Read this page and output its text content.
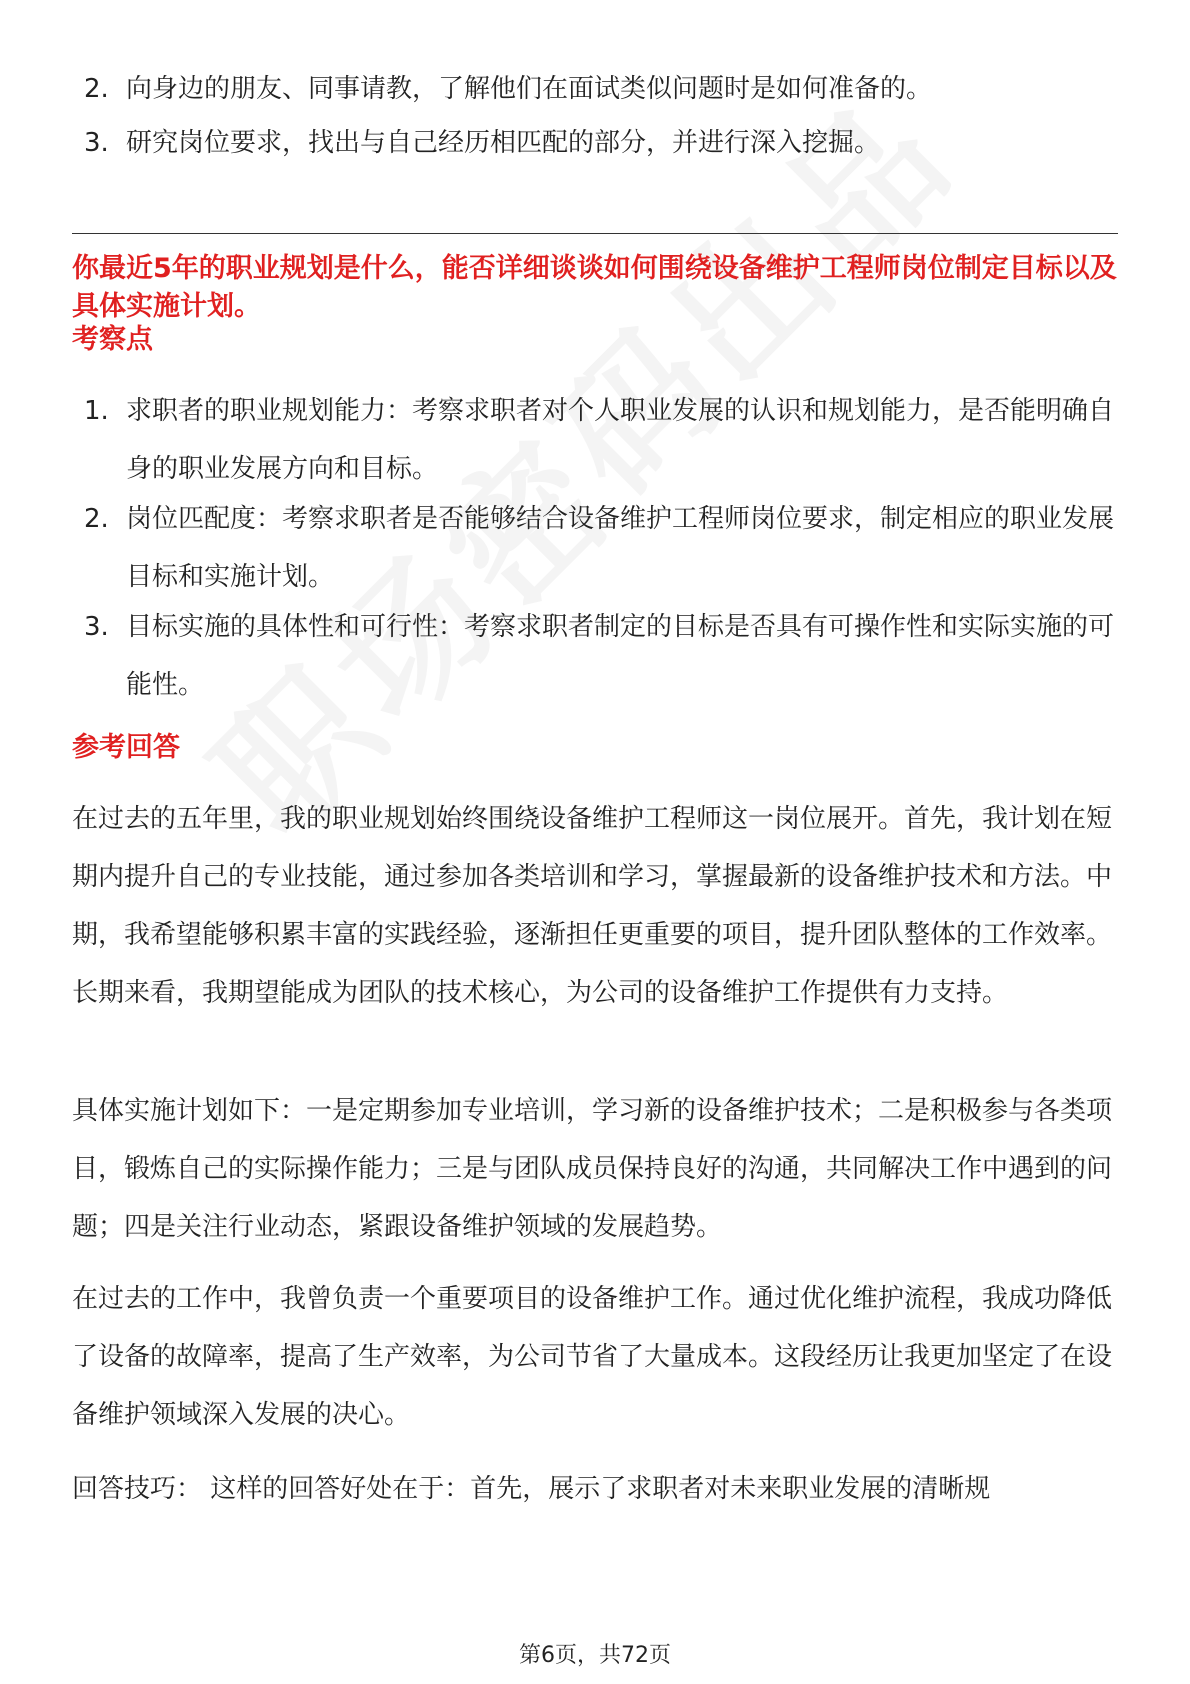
2. 向身边的朋友、同事请教，了解他们在面试类似问题时是如何准备的。
3. 研究岗位要求，找出与自己经历相匹配的部分，并进行深入挖掘。
你最近5年的职业规划是什么，能否详细谈谈如何围绕设备维护工程师岗位制定目标以及具体实施计划。
考察点
1. 求职者的职业规划能力：考察求职者对个人职业发展的认识和规划能力，是否能明确自身的职业发展方向和目标。
2. 岗位匹配度：考察求职者是否能够结合设备维护工程师岗位要求，制定相应的职业发展目标和实施计划。
3. 目标实施的具体性和可行性：考察求职者制定的目标是否具有可操作性和实际实施的可能性。
参考回答
在过去的五年里，我的职业规划始终围绕设备维护工程师这一岗位展开。首先，我计划在短期内提升自己的专业技能，通过参加各类培训和学习，掌握最新的设备维护技术和方法。中期，我希望能够积累丰富的实践经验，逐渐担任更重要的项目，提升团队整体的工作效率。长期来看，我期望能成为团队的技术核心，为公司的设备维护工作提供有力支持。
具体实施计划如下：一是定期参加专业培训，学习新的设备维护技术；二是积极参与各类项目，锻炼自己的实际操作能力；三是与团队成员保持良好的沟通，共同解决工作中遇到的问题；四是关注行业动态，紧跟设备维护领域的发展趋势。
在过去的工作中，我曾负责一个重要项目的设备维护工作。通过优化维护流程，我成功降低了设备的故障率，提高了生产效率，为公司节省了大量成本。这段经历让我更加坚定了在设备维护领域深入发展的决心。
回答技巧： 这样的回答好处在于：首先，展示了求职者对未来职业发展的清晰规
第6页，共72页
